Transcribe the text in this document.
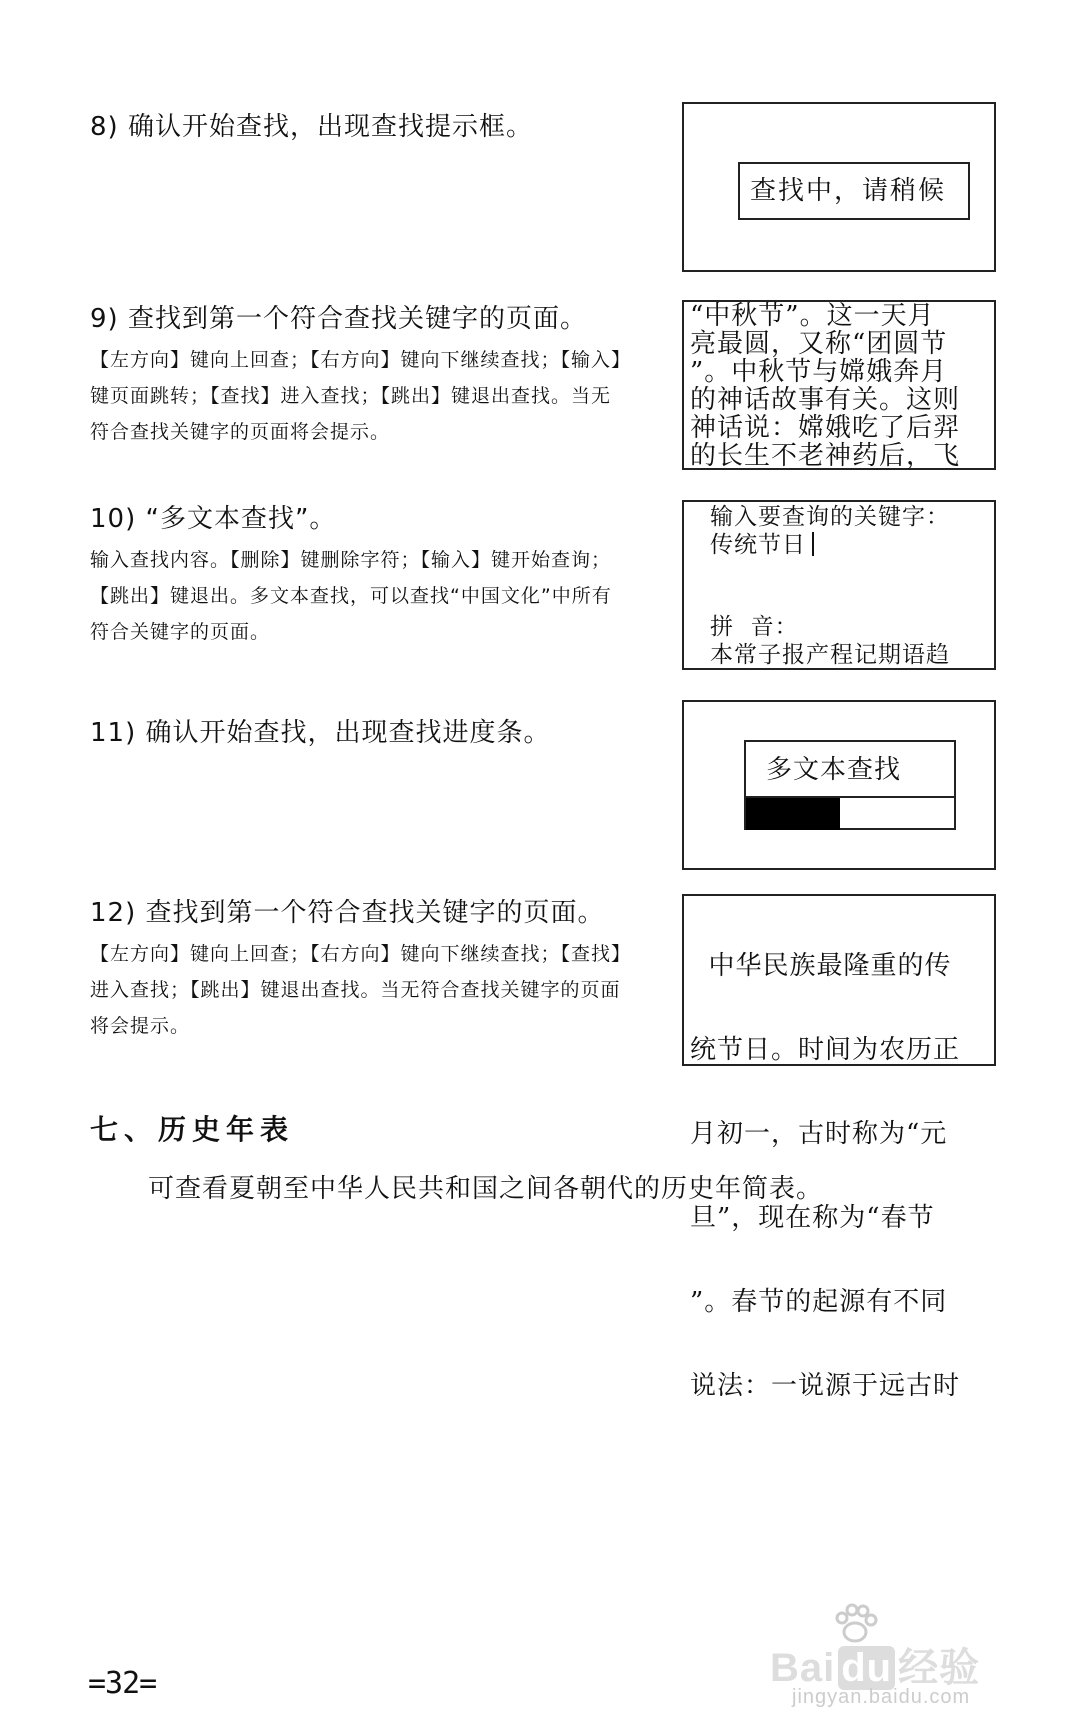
8) 确认开始查找，出现查找提示框。
查找中，请稍候
9) 查找到第一个符合查找关键字的页面。
【左方向】键向上回查；【右方向】键向下继续查找；【输入】键页面跳转；【查找】进入查找；【跳出】键退出查找。当无符合查找关键字的页面将会提示。
“中秋节”。这一天月
亮最圆，又称“团圆节
”。中秋节与嫦娥奔月
的神话故事有关。这则
神话说：嫦娥吃了后羿
的长生不老神药后，飞
10) “多文本查找”。
输入查找内容。【删除】键删除字符；【输入】键开始查询；【跳出】键退出。多文本查找，可以查找“中国文化”中所有符合关键字的页面。
输入要查询的关键字：
传统节日
拼  音：
本常子报产程记期语趋
11) 确认开始查找，出现查找进度条。
多文本查找
12) 查找到第一个符合查找关键字的页面。
【左方向】键向上回查；【右方向】键向下继续查找；【查找】进入查找；【跳出】键退出查找。当无符合查找关键字的页面将会提示。

中华民族最隆重的传

统节日。时间为农历正

月初一，古时称为“元

旦”，现在称为“春节

”。春节的起源有不同

说法：一说源于远古时

七、历史年表
可查看夏朝至中华人民共和国之间各朝代的历史年简表。
=32=	Bai du 经验
jingyan.baidu.com
